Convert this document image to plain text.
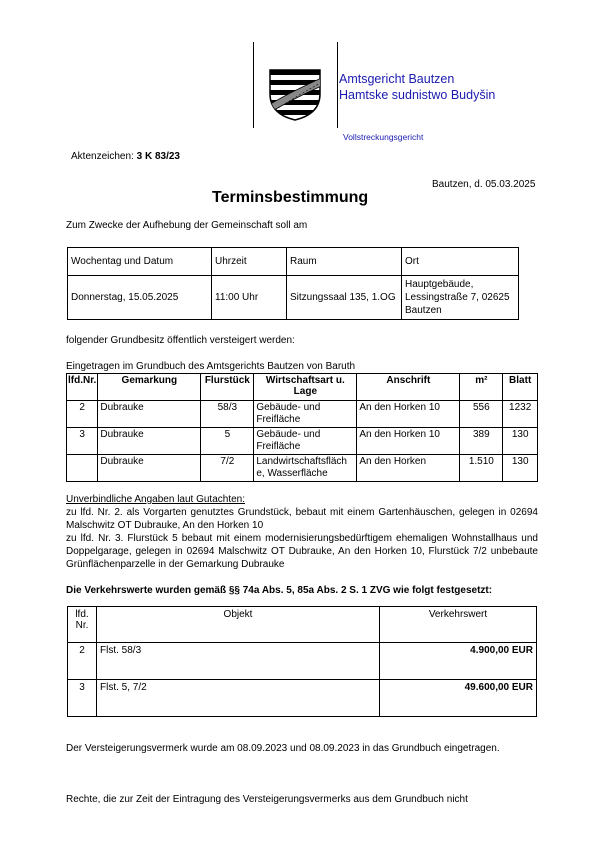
Amtsgericht Bautzen
Hamtske sudnistwo Budyšin
Vollstreckungsgericht
Aktenzeichen: 3 K 83/23
Bautzen, d. 05.03.2025
Terminsbestimmung
Zum Zwecke der Aufhebung der Gemeinschaft soll am
Wochentag und Datum	Uhrzeit	Raum	Ort
Donnerstag, 15.05.2025	11:00 Uhr	Sitzungssaal 135, 1.OG	Hauptgebäude, Lessingstraße 7, 02625 Bautzen
folgender Grundbesitz öffentlich versteigert werden:
Eingetragen im Grundbuch des Amtsgerichts Bautzen von Baruth
lfd.Nr.	Gemarkung	Flurstück	Wirtschaftsart u. Lage	Anschrift	m²	Blatt
2	Dubrauke	58/3	Gebäude- und Freifläche	An den Horken 10	556	1232
3	Dubrauke	5	Gebäude- und Freifläche	An den Horken 10	389	130
	Dubrauke	7/2	Landwirtschaftsfläche, Wasserfläche	An den Horken	1.510	130
Unverbindliche Angaben laut Gutachten:
zu lfd. Nr. 2. als Vorgarten genutztes Grundstück, bebaut mit einem Gartenhäuschen, gelegen in 02694 Malschwitz OT Dubrauke, An den Horken 10
zu lfd. Nr. 3. Flurstück 5 bebaut mit einem modernisierungsbedürftigem ehemaligen Wohnstallhaus und Doppelgarage, gelegen in 02694 Malschwitz OT Dubrauke, An den Horken 10, Flurstück 7/2 unbebaute Grünflächenparzelle in der Gemarkung Dubrauke
Die Verkehrswerte wurden gemäß §§ 74a Abs. 5, 85a Abs. 2 S. 1 ZVG wie folgt festgesetzt:
lfd. Nr.	Objekt	Verkehrswert
2	Flst. 58/3	4.900,00 EUR
3	Flst. 5, 7/2	49.600,00 EUR
Der Versteigerungsvermerk wurde am 08.09.2023 und 08.09.2023 in das Grundbuch eingetragen.
Rechte, die zur Zeit der Eintragung des Versteigerungsvermerks aus dem Grundbuch nicht
